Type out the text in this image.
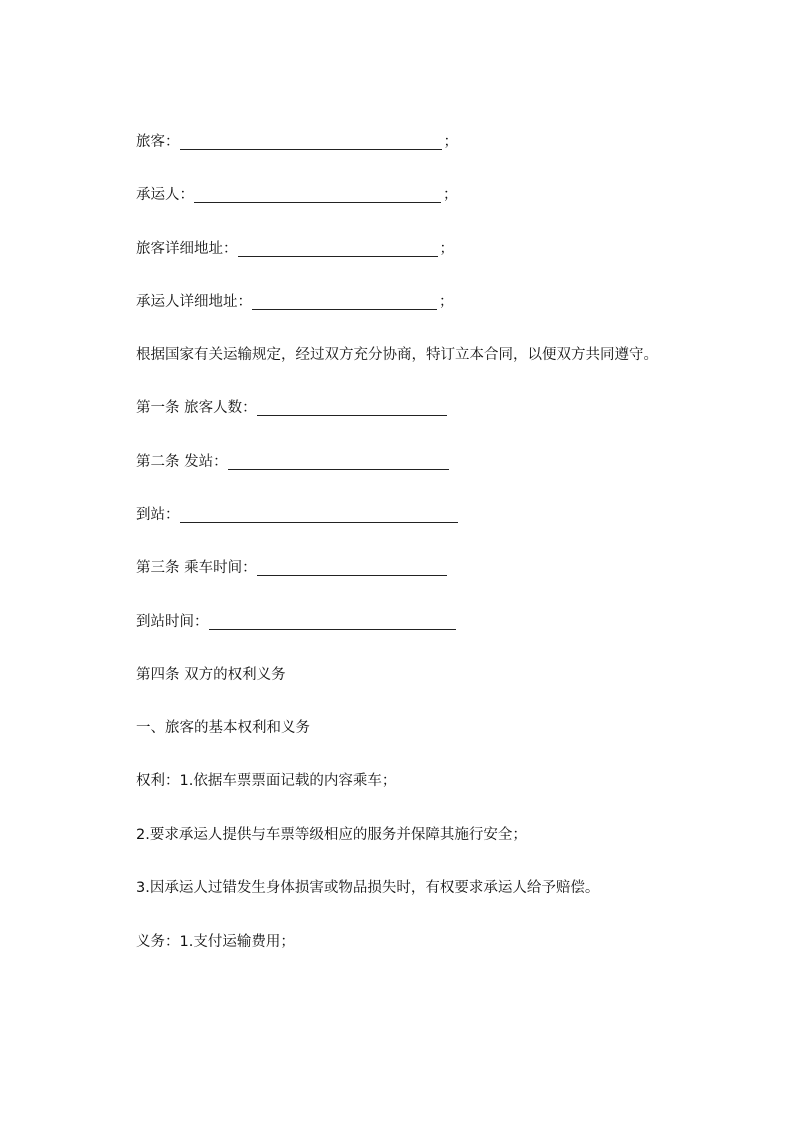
旅客：	；
承运人：	；
旅客详细地址：	；
承运人详细地址：	；
根据国家有关运输规定，经过双方充分协商，特订立本合同，以便双方共同遵守。
第一条 旅客人数：
第二条 发站：
到站：
第三条 乘车时间：
到站时间：
第四条 双方的权利义务
一、旅客的基本权利和义务
权利：1.依据车票票面记载的内容乘车；
2.要求承运人提供与车票等级相应的服务并保障其施行安全；
3.因承运人过错发生身体损害或物品损失时，有权要求承运人给予赔偿。
义务：1.支付运输费用；
